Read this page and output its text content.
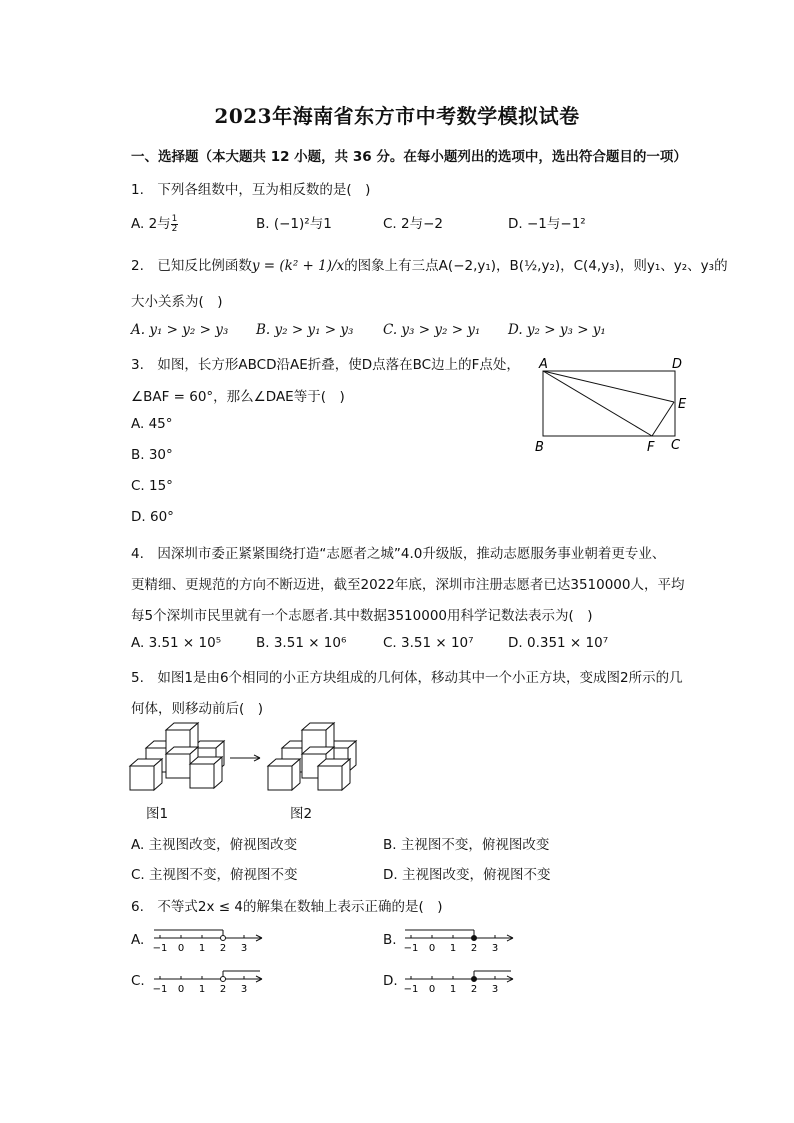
2023年海南省东方市中考数学模拟试卷
一、选择题（本大题共 12 小题，共 36 分。在每小题列出的选项中，选出符合题目的一项）
1.　下列各组数中，互为相反数的是(　)
A. 2与 $\frac{1}{2}$	B. (−1)²与1	C. 2与−2	D. −1与−1²
2.　已知反比例函数y = (k² + 1)/x的图象上有三点A(−2,y₁)，B(½,y₂)，C(4,y₃)，则y₁、y₂、y₃的
大小关系为(　)
A. y₁ > y₂ > y₃ B. y₂ > y₁ > y₃ C. y₃ > y₂ > y₁ D. y₂ > y₃ > y₁
3.　如图，长方形ABCD沿AE折叠，使D点落在BC边上的F点处，
∠BAF = 60°，那么∠DAE等于(　)
A. 45°
B. 30°
C. 15°
D. 60°
A	D
E
B	F C
4.　因深圳市委正紧紧围绕打造“志愿者之城”4.0升级版，推动志愿服务事业朝着更专业、
更精细、更规范的方向不断迈进，截至2022年底，深圳市注册志愿者已达3510000人，平均
每5个深圳市民里就有一个志愿者.其中数据3510000用科学记数法表示为(　)
A. 3.51 × 10⁵	B. 3.51 × 10⁶	C. 3.51 × 10⁷	D. 0.351 × 10⁷
5.　如图1是由6个相同的小正方块组成的几何体，移动其中一个小正方块，变成图2所示的几
何体，则移动前后(　)
图1	图2
A. 主视图改变，俯视图改变	B. 主视图不变，俯视图改变
C. 主视图不变，俯视图不变	D. 主视图改变，俯视图不变
6.　不等式2x ≤ 4的解集在数轴上表示正确的是(　)
A.
−1 0 1 2 3
B.
−1 0 1 2 3
C.
−1 0 1 2 3
D.
−1 0 1 2 3
